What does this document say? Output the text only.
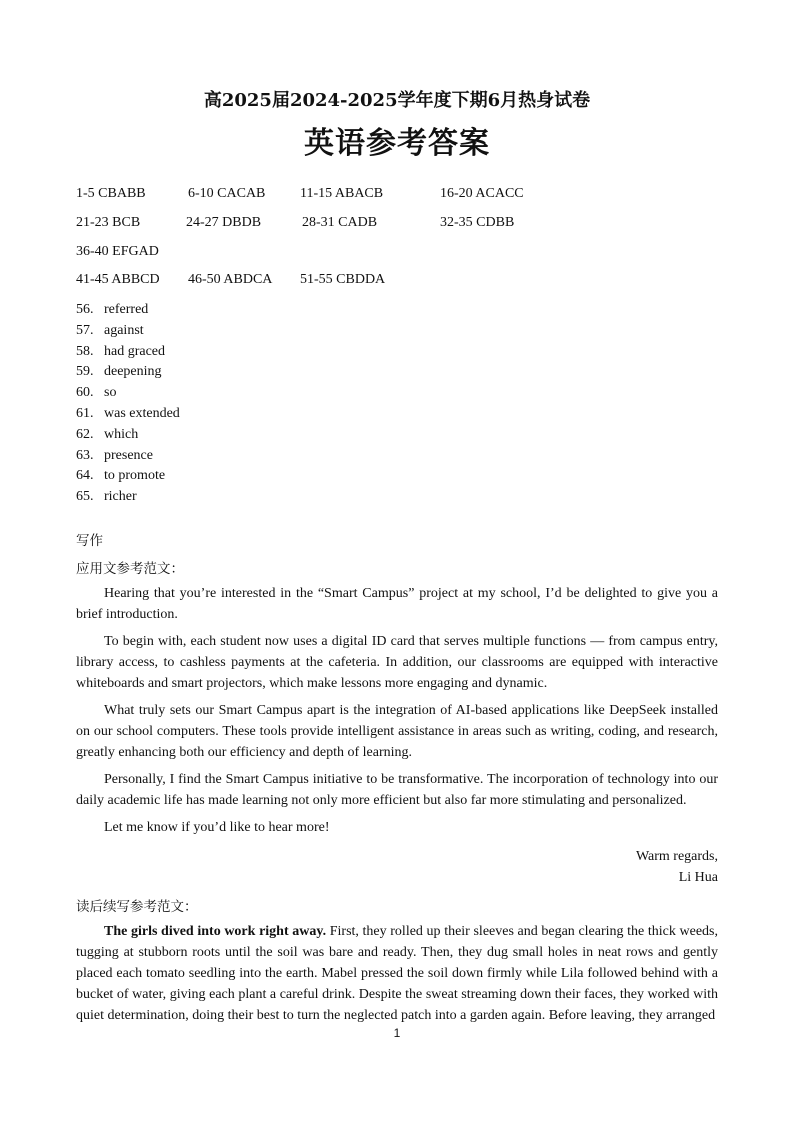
高2025届2024-2025学年度下期6月热身试卷
英语参考答案
1-5 CBABB	6-10 CACAB 11-15 ABACB	16-20 ACACC
21-23 BCB	24-27 DBDB	28-31 CADB	32-35 CDBB
36-40 EFGAD
41-45 ABBCD 46-50 ABDCA 51-55 CBDDA
56. referred
57. against
58. had graced
59. deepening
60. so
61. was extended
62. which
63. presence
64. to promote
65. richer
写作
应用文参考范文：

Hearing that you’re interested in the “Smart Campus” project at my school, I’d be delighted to give you a brief introduction.

To begin with, each student now uses a digital ID card that serves multiple functions — from campus entry, library access, to cashless payments at the cafeteria. In addition, our classrooms are equipped with interactive whiteboards and smart projectors, which make lessons more engaging and dynamic.

What truly sets our Smart Campus apart is the integration of AI-based applications like DeepSeek installed on our school computers. These tools provide intelligent assistance in areas such as writing, coding, and research, greatly enhancing both our efficiency and depth of learning.

Personally, I find the Smart Campus initiative to be transformative. The incorporation of technology into our daily academic life has made learning not only more efficient but also far more stimulating and personalized.

Let me know if you’d like to hear more!

Warm regards,
Li Hua
读后续写参考范文：

The girls dived into work right away. First, they rolled up their sleeves and began clearing the thick weeds, tugging at stubborn roots until the soil was bare and ready. Then, they dug small holes in neat rows and gently placed each tomato seedling into the earth. Mabel pressed the soil down firmly while Lila followed behind with a bucket of water, giving each plant a careful drink. Despite the sweat streaming down their faces, they worked with quiet determination, doing their best to turn the neglected patch into a garden again. Before leaving, they arranged

1
